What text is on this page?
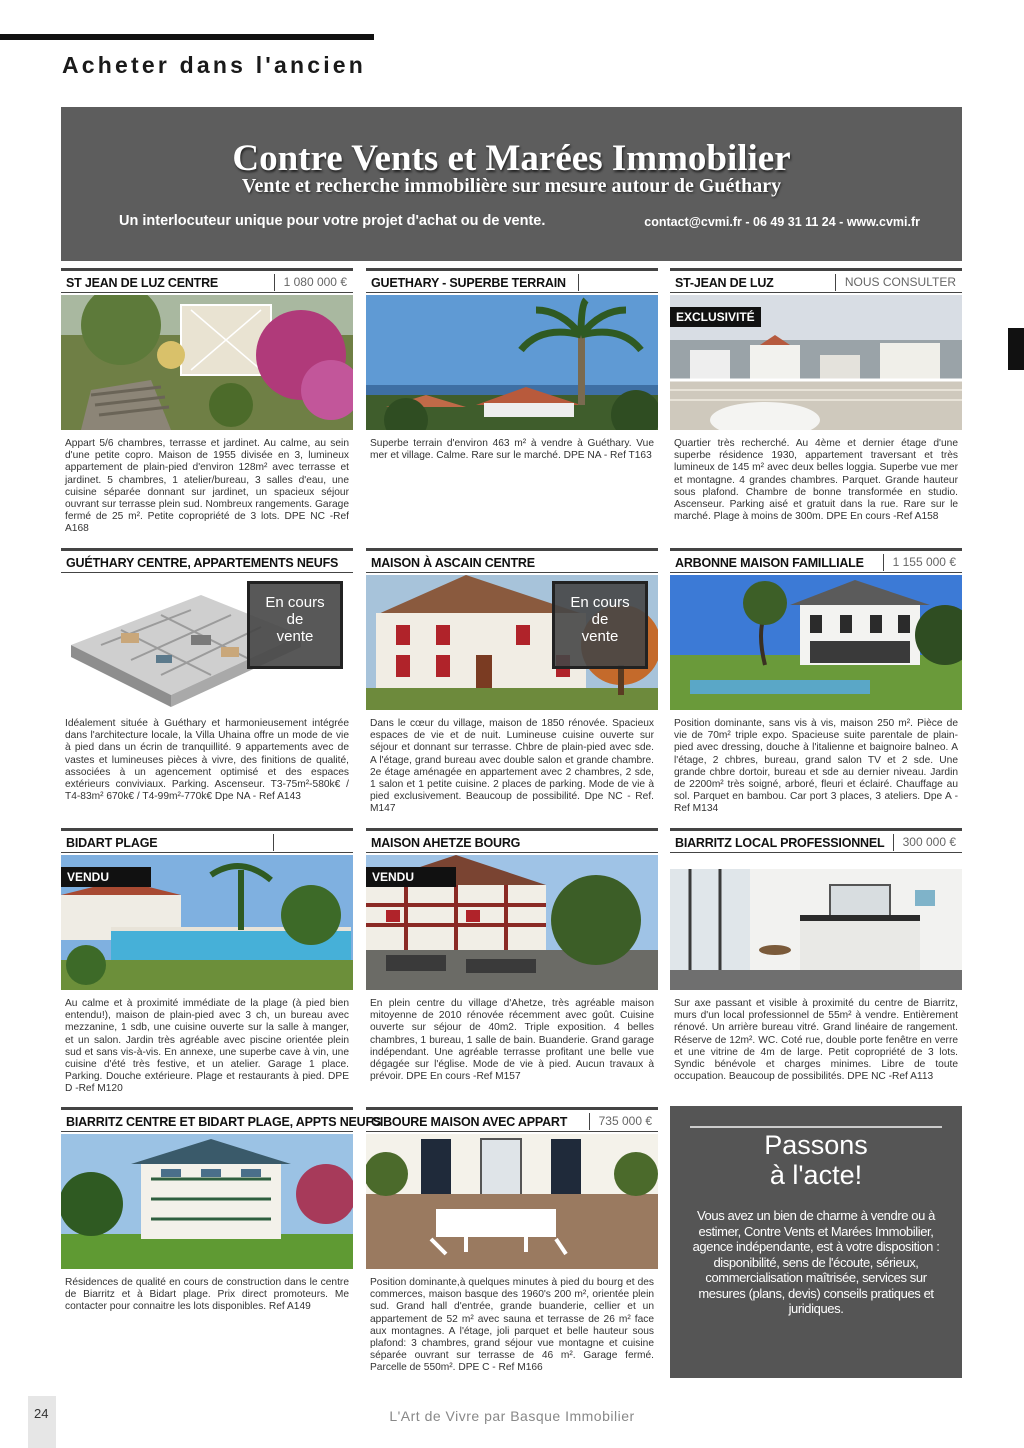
Acheter dans l'ancien
Contre Vents et Marées Immobilier
Vente et recherche immobilière sur mesure autour de Guéthary
Un interlocuteur unique pour votre projet d'achat ou de vente.	contact@cvmi.fr - 06 49 31 11 24 - www.cvmi.fr
ST JEAN DE LUZ CENTRE	1 080 000 €
Appart 5/6 chambres, terrasse et jardinet. Au calme, au sein d'une petite copro. Maison de 1955 divisée en 3, lumineux appartement de plain-pied d'environ 128m² avec terrasse et jardinet. 5 chambres, 1 atelier/bureau, 3 salles d'eau, une cuisine séparée donnant sur jardinet, un spacieux séjour ouvrant sur terrasse plein sud. Nombreux rangements. Garage fermé de 25 m². Petite copropriété de 3 lots. DPE NC -Ref A168
GUETHARY - SUPERBE TERRAIN
Superbe terrain d'environ 463 m² à vendre à Guéthary. Vue mer et village. Calme. Rare sur le marché. DPE NA - Ref T163
ST-JEAN DE LUZ	NOUS CONSULTER
EXCLUSIVITÉ
Quartier très recherché. Au 4ème et dernier étage d'une superbe résidence 1930, appartement traversant et très lumineux de 145 m² avec deux belles loggia. Superbe vue mer et montagne. 4 grandes chambres. Parquet. Grande hauteur sous plafond. Chambre de bonne transformée en studio. Ascenseur. Parking aisé et gratuit dans la rue. Rare sur le marché. Plage à moins de 300m. DPE En cours -Ref A158
GUÉTHARY CENTRE, APPARTEMENTS NEUFS
En cours
de
vente
Idéalement située à Guéthary et harmonieusement intégrée dans l'architecture locale, la Villa Uhaina offre un mode de vie à pied dans un écrin de tranquillité. 9 appartements avec de vastes et lumineuses pièces à vivre, des finitions de qualité, associées à un agencement optimisé et des espaces extérieurs conviviaux. Parking. Ascenseur. T3-75m²-580k€ / T4-83m² 670k€ / T4-99m²-770k€ Dpe NA - Ref A143
MAISON À ASCAIN CENTRE
En cours
de
vente
Dans le cœur du village, maison de 1850 rénovée. Spacieux espaces de vie et de nuit. Lumineuse cuisine ouverte sur séjour et donnant sur terrasse. Chbre de plain-pied avec sde. A l'étage, grand bureau avec double salon et grande chambre. 2e étage aménagée en appartement avec 2 chambres, 2 sde, 1 salon et 1 petite cuisine. 2 places de parking. Mode de vie à pied exclusivement. Beaucoup de possibilité. Dpe NC - Ref. M147
ARBONNE MAISON FAMILLIALE	1 155 000 €
Position dominante, sans vis à vis, maison 250 m². Pièce de vie de 70m² triple expo. Spacieuse suite parentale de plain-pied avec dressing, douche à l'italienne et baignoire balneo. A l'étage, 2 chbres, bureau, grand salon TV et 2 sde. Une grande chbre dortoir, bureau et sde au dernier niveau. Jardin de 2200m² très soigné, arboré, fleuri et éclairé. Chauffage au sol. Parquet en bambou. Car port 3 places, 3 ateliers. Dpe A - Ref M134
BIDART PLAGE
VENDU
Au calme et à proximité immédiate de la plage (à pied bien entendu!), maison de plain-pied avec 3 ch, un bureau avec mezzanine, 1 sdb, une cuisine ouverte sur la salle à manger, et un salon. Jardin très agréable avec piscine orientée plein sud et sans vis-à-vis. En annexe, une superbe cave à vin, une cuisine d'été très festive, et un atelier. Garage 1 place. Parking. Douche extérieure. Plage et restaurants à pied. DPE D -Ref M120
MAISON AHETZE BOURG
VENDU
En plein centre du village d'Ahetze, très agréable maison mitoyenne de 2010 rénovée récemment avec goût. Cuisine ouverte sur séjour de 40m2. Triple exposition. 4 belles chambres, 1 bureau, 1 salle de bain. Buanderie. Grand garage indépendant. Une agréable terrasse profitant une belle vue dégagée sur l'église. Mode de vie à pied. Aucun travaux à prévoir. DPE En cours -Ref M157
BIARRITZ LOCAL PROFESSIONNEL	300 000 €
Sur axe passant et visible à proximité du centre de Biarritz, murs d'un local professionnel de 55m² à vendre. Entièrement rénové. Un arrière bureau vitré. Grand linéaire de rangement. Réserve de 12m². WC. Coté rue, double porte fenêtre en verre et une vitrine de 4m de large. Petit copropriété de 3 lots. Syndic bénévole et charges minimes. Libre de toute occupation. Beaucoup de possibilités. DPE NC -Ref A113
BIARRITZ CENTRE ET BIDART PLAGE, APPTS NEUFS
Résidences de qualité en cours de construction dans le centre de Biarritz et à Bidart plage. Prix direct promoteurs. Me contacter pour connaitre les lots disponibles. Ref A149
CIBOURE MAISON AVEC APPART	735 000 €
Position dominante,à quelques minutes à pied du bourg et des commerces, maison basque des 1960's 200 m², orientée plein sud. Grand hall d'entrée, grande buanderie, cellier et un appartement de 52 m² avec sauna et terrasse de 26 m² face aux montagnes. A l'étage, joli parquet et belle hauteur sous plafond: 3 chambres, grand séjour vue montagne et cuisine séparée ouvrant sur terrasse de 46 m². Garage fermé. Parcelle de 550m². DPE C - Ref M166
Passons
à l'acte!
Vous avez un bien de charme à vendre ou à estimer, Contre Vents et Marées Immobilier, agence indépendante, est à votre disposition : disponibilité, sens de l'écoute, sérieux, commercialisation maîtrisée, services sur mesures (plans, devis) conseils pratiques et juridiques.
24	L'Art de Vivre par Basque Immobilier
